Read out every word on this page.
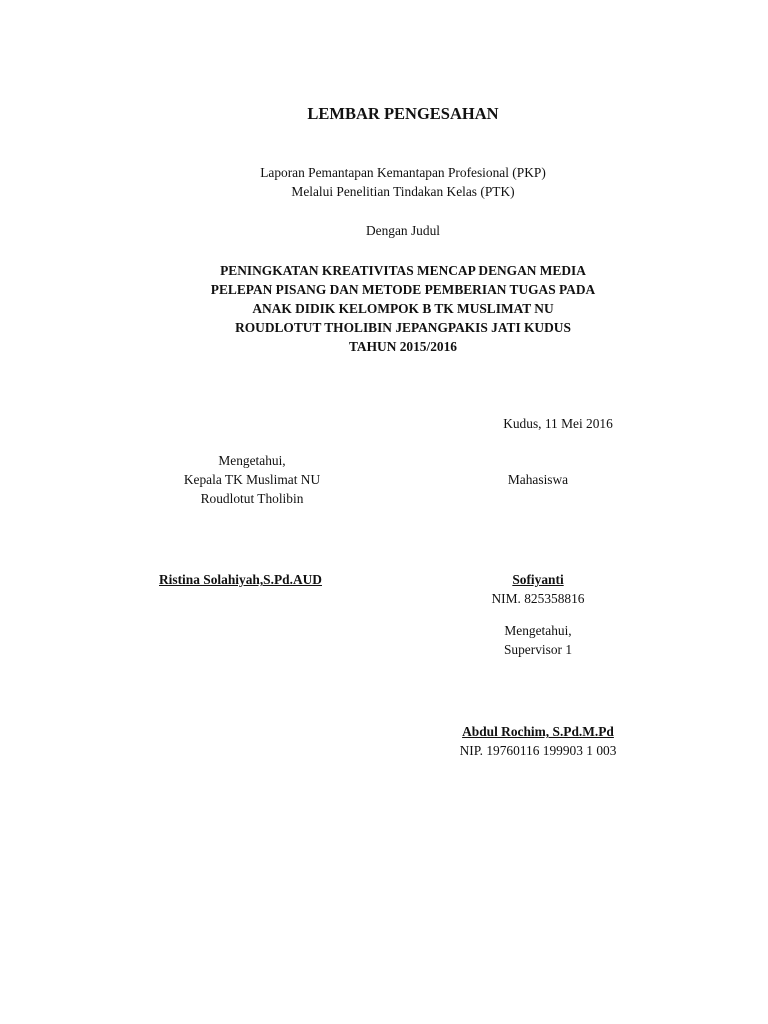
LEMBAR PENGESAHAN

Laporan Pemantapan Kemantapan Profesional (PKP)

Melalui Penelitian Tindakan Kelas (PTK)

Dengan Judul

PENINGKATAN KREATIVITAS MENCAP DENGAN MEDIA

PELEPAN PISANG DAN METODE PEMBERIAN TUGAS PADA

ANAK DIDIK KELOMPOK B TK MUSLIMAT NU

ROUDLOTUT THOLIBIN JEPANGPAKIS JATI KUDUS

TAHUN 2015/2016

Kudus, 11 Mei 2016

Mengetahui,

Kepala TK Muslimat NU

Roudlotut Tholibin

Mahasiswa
Ristina Solahiyah,S.Pd.AUD	Sofiyanti

NIM. 825358816

Mengetahui,

Supervisor 1

Abdul Rochim, S.Pd.M.Pd

NIP. 19760116 199903 1 003
